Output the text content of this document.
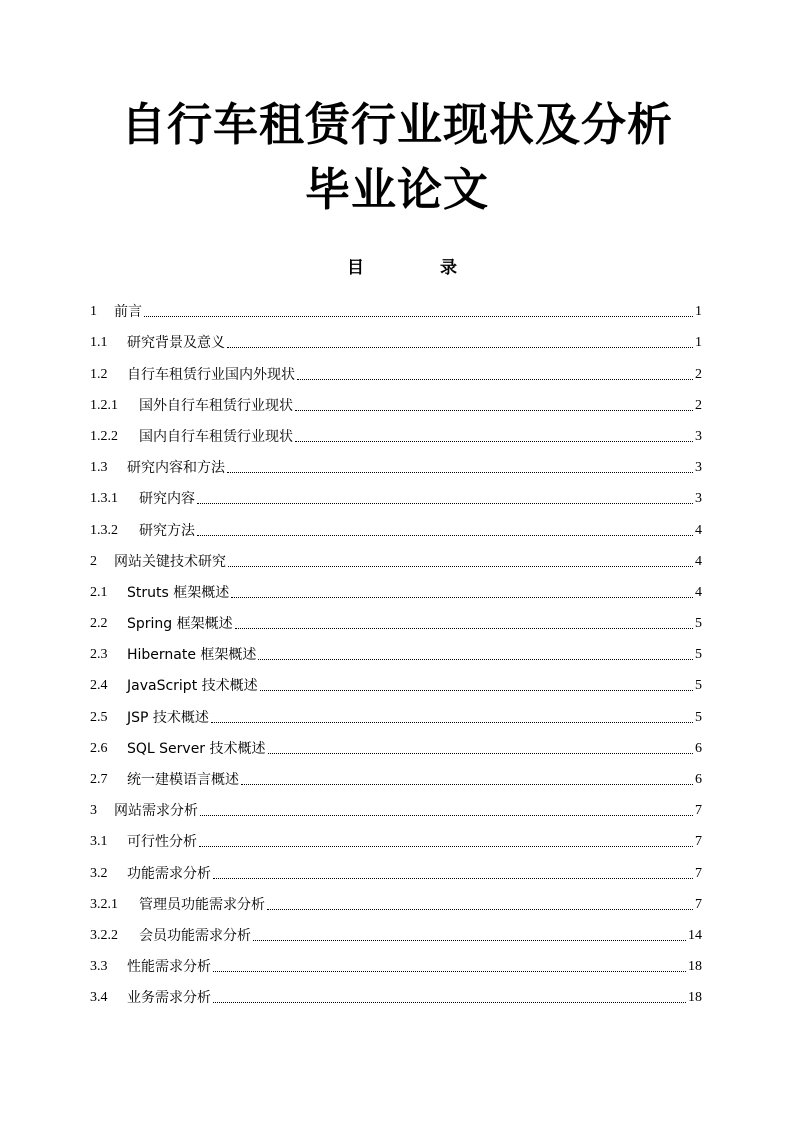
自行车租赁行业现状及分析
毕业论文
目	录
1	前言	1
1.1	研究背景及意义	1
1.2	自行车租赁行业国内外现状	2
1.2.1	国外自行车租赁行业现状	2
1.2.2	国内自行车租赁行业现状	3
1.3	研究内容和方法	3
1.3.1	研究内容	3
1.3.2	研究方法	4
2	网站关键技术研究	4
2.1	Struts 框架概述	4
2.2	Spring 框架概述	5
2.3	Hibernate 框架概述	5
2.4	JavaScript 技术概述	5
2.5	JSP 技术概述	5
2.6	SQL Server 技术概述	6
2.7	统一建模语言概述	6
3	网站需求分析	7
3.1	可行性分析	7
3.2	功能需求分析	7
3.2.1	管理员功能需求分析	7
3.2.2	会员功能需求分析	14
3.3	性能需求分析	18
3.4	业务需求分析	18
